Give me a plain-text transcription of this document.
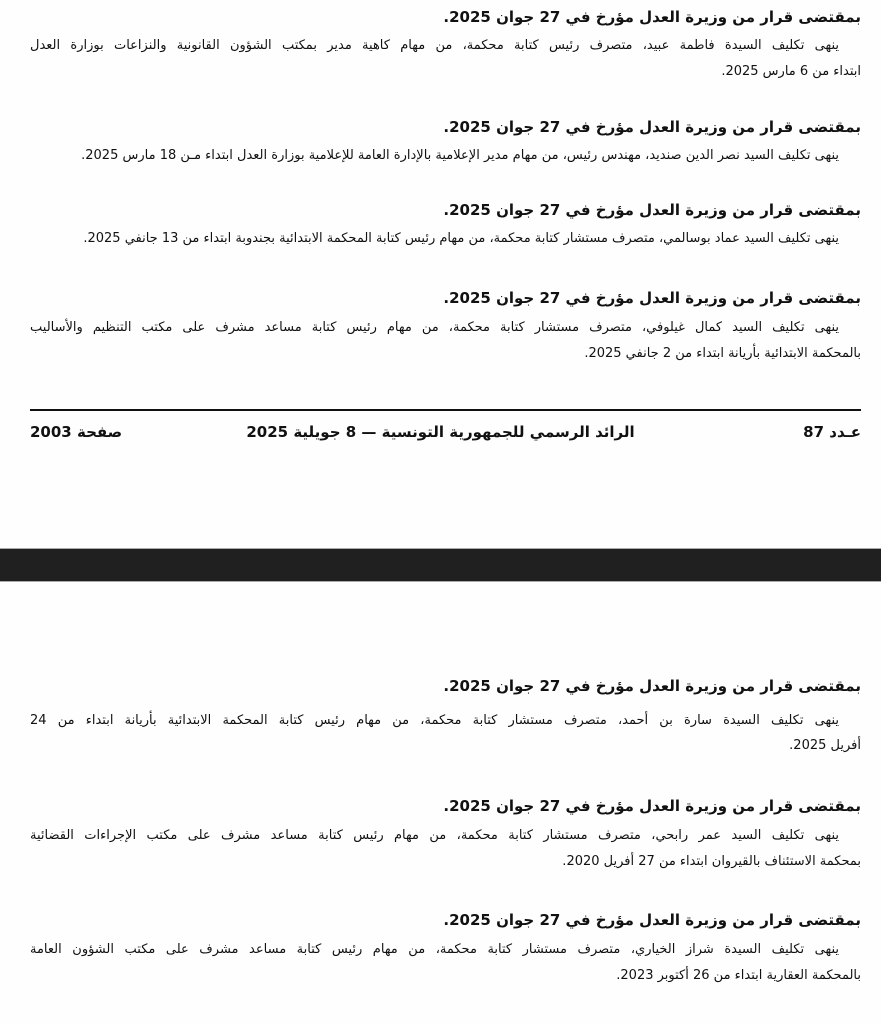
بمقتضى قرار من وزيرة العدل مؤرخ في 27 جوان 2025.
ينهى تكليف السيدة فاطمة عبيد، متصرف رئيس كتابة محكمة، من مهام كاهية مدير بمكتب الشؤون القانونية والنزاعات بوزارة العدل
ابتداء من 6 مارس 2025.
بمقتضى قرار من وزيرة العدل مؤرخ في 27 جوان 2025.
ينهى تكليف السيد نصر الدين صنديد، مهندس رئيس، من مهام مدير الإعلامية بالإدارة العامة للإعلامية بوزارة العدل ابتداء مـن 18 مارس 2025.
بمقتضى قرار من وزيرة العدل مؤرخ في 27 جوان 2025.
ينهى تكليف السيد عماد بوسالمي، متصرف مستشار كتابة محكمة، من مهام رئيس كتابة المحكمة الابتدائية بجندوبة ابتداء من 13 جانفي 2025.
بمقتضى قرار من وزيرة العدل مؤرخ في 27 جوان 2025.
ينهى تكليف السيد كمال غيلوفي، متصرف مستشار كتابة محكمة، من مهام رئيس كتابة مساعد مشرف على مكتب التنظيم والأساليب
بالمحكمة الابتدائية بأريانة ابتداء من 2 جانفي 2025.
عـدد 87
الرائد الرسمي للجمهورية التونسية — 8 جويلية 2025
صفحة 2003
بمقتضى قرار من وزيرة العدل مؤرخ في 27 جوان 2025.
ينهى تكليف السيدة سارة بن أحمد، متصرف مستشار كتابة محكمة، من مهام رئيس كتابة المحكمة الابتدائية بأريانة ابتداء من 24
أفريل 2025.
بمقتضى قرار من وزيرة العدل مؤرخ في 27 جوان 2025.
ينهى تكليف السيد عمر رابحي، متصرف مستشار كتابة محكمة، من مهام رئيس كتابة مساعد مشرف على مكتب الإجراءات القضائية
بمحكمة الاستئناف بالقيروان ابتداء من 27 أفريل 2020.
بمقتضى قرار من وزيرة العدل مؤرخ في 27 جوان 2025.
ينهى تكليف السيدة شراز الخياري، متصرف مستشار كتابة محكمة، من مهام رئيس كتابة مساعد مشرف على مكتب الشؤون العامة
بالمحكمة العقارية ابتداء من 26 أكتوبر 2023.
